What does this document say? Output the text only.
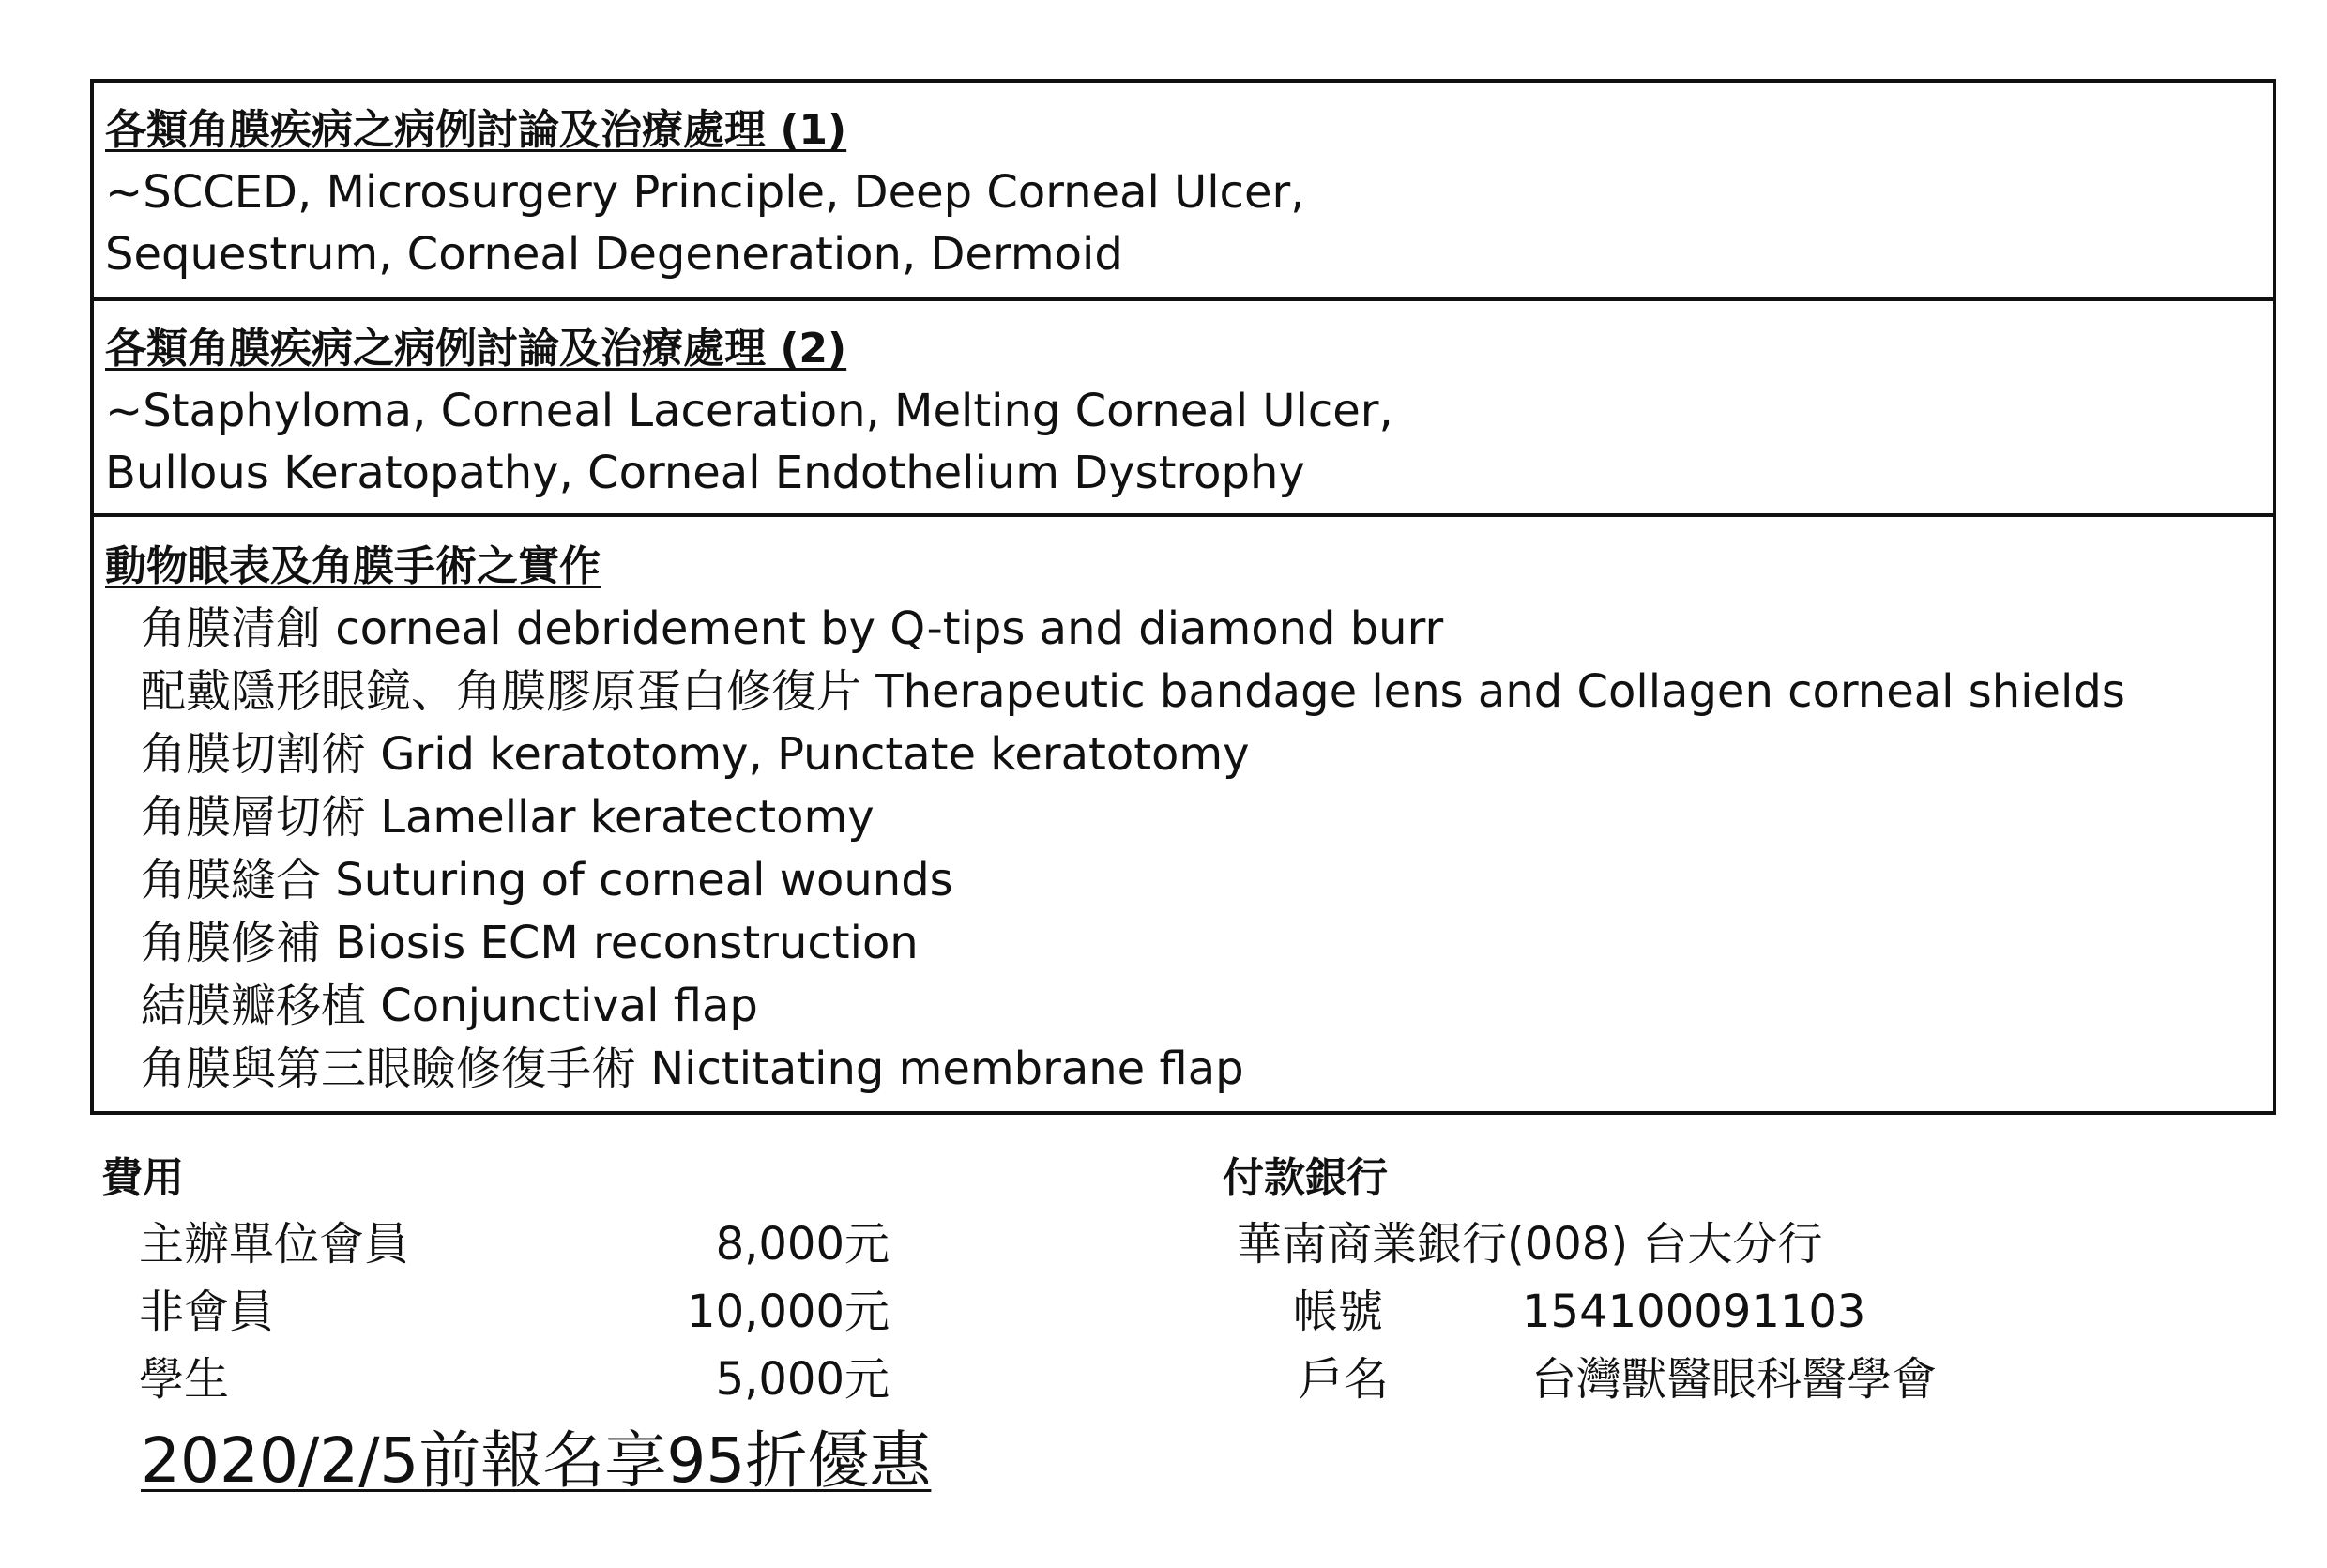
各類角膜疾病之病例討論及治療處理 (1)
~SCCED, Microsurgery Principle, Deep Corneal Ulcer,
Sequestrum, Corneal Degeneration, Dermoid
各類角膜疾病之病例討論及治療處理 (2)
~Staphyloma, Corneal Laceration, Melting Corneal Ulcer,
Bullous Keratopathy, Corneal Endothelium Dystrophy
動物眼表及角膜手術之實作
角膜清創 corneal debridement by Q-tips and diamond burr
配戴隱形眼鏡、角膜膠原蛋白修復片 Therapeutic bandage lens and Collagen corneal shields
角膜切割術 Grid keratotomy, Punctate keratotomy
角膜層切術 Lamellar keratectomy
角膜縫合 Suturing of corneal wounds
角膜修補 Biosis ECM reconstruction
結膜瓣移植 Conjunctival flap
角膜與第三眼瞼修復手術 Nictitating membrane flap
費用
主辦單位會員	8,000元
非會員	10,000元
學生	5,000元
付款銀行
華南商業銀行(008) 台大分行
帳號	154100091103
戶名	台灣獸醫眼科醫學會
2020/2/5前報名享95折優惠
